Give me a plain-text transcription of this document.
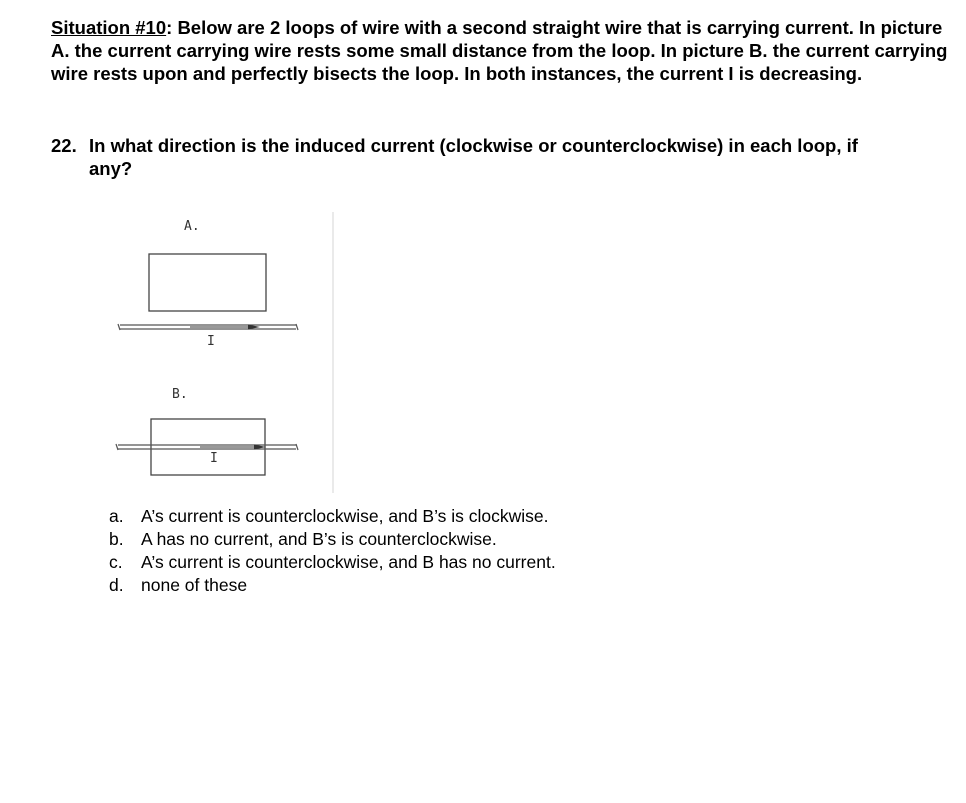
Situation #10: Below are 2 loops of wire with a second straight wire that is carrying current. In picture A. the current carrying wire rests some small distance from the loop. In picture B. the current carrying wire rests upon and perfectly bisects the loop. In both instances, the current I is decreasing.
22. In what direction is the induced current (clockwise or counterclockwise) in each loop, if
any?
A.
I
B.
I
a. A’s current is counterclockwise, and B’s is clockwise.
b. A has no current, and B’s is counterclockwise.
c.	A’s current is counterclockwise, and B has no current.
d. none of these
